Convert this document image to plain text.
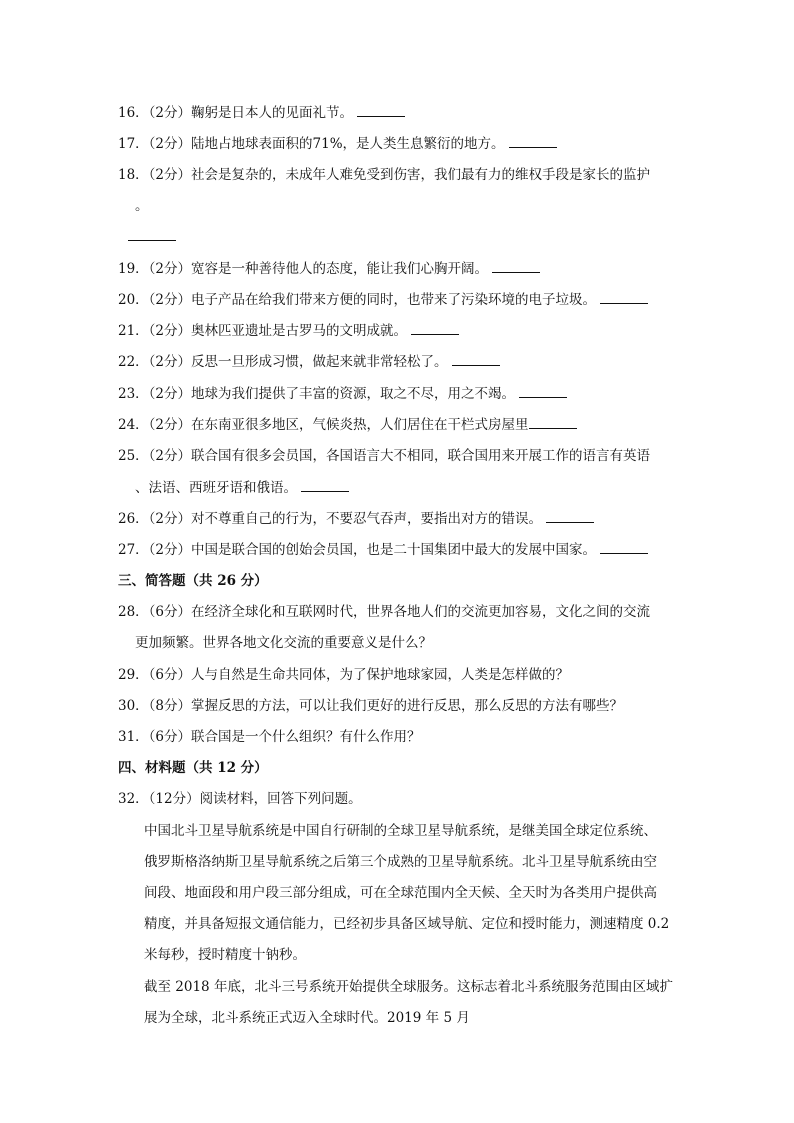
16．（2分）鞠躬是日本人的见面礼节。
17．（2分）陆地占地球表面积的71%，是人类生息繁衍的地方。
18．（2分）社会是复杂的，未成年人难免受到伤害，我们最有力的维权手段是家长的监护
。
19．（2分）宽容是一种善待他人的态度，能让我们心胸开阔。
20．（2分）电子产品在给我们带来方便的同时，也带来了污染环境的电子垃圾。
21．（2分）奥林匹亚遗址是古罗马的文明成就。
22．（2分）反思一旦形成习惯，做起来就非常轻松了。
23．（2分）地球为我们提供了丰富的资源，取之不尽，用之不竭。
24．（2分）在东南亚很多地区，气候炎热，人们居住在干栏式房屋里
25．（2分）联合国有很多会员国，各国语言大不相同，联合国用来开展工作的语言有英语
、法语、西班牙语和俄语。
26．（2分）对不尊重自己的行为，不要忍气吞声，要指出对方的错误。
27．（2分）中国是联合国的创始会员国，也是二十国集团中最大的发展中国家。
三、简答题（共 26 分）
28．（6分）在经济全球化和互联网时代，世界各地人们的交流更加容易，文化之间的交流
更加频繁。世界各地文化交流的重要意义是什么？
29．（6分）人与自然是生命共同体，为了保护地球家园，人类是怎样做的？
30．（8分）掌握反思的方法，可以让我们更好的进行反思，那么反思的方法有哪些？
31．（6分）联合国是一个什么组织？有什么作用？
四、材料题（共 12 分）
32．（12分）阅读材料，回答下列问题。
中国北斗卫星导航系统是中国自行研制的全球卫星导航系统，是继美国全球定位系统、
俄罗斯格洛纳斯卫星导航系统之后第三个成熟的卫星导航系统。北斗卫星导航系统由空
间段、地面段和用户段三部分组成，可在全球范围内全天候、全天时为各类用户提供高
精度，并具备短报文通信能力，已经初步具备区域导航、定位和授时能力，测速精度 0.2
米每秒，授时精度十钠秒。
截至 2018 年底，北斗三号系统开始提供全球服务。这标志着北斗系统服务范围由区域扩
展为全球，北斗系统正式迈入全球时代。2019 年 5 月
